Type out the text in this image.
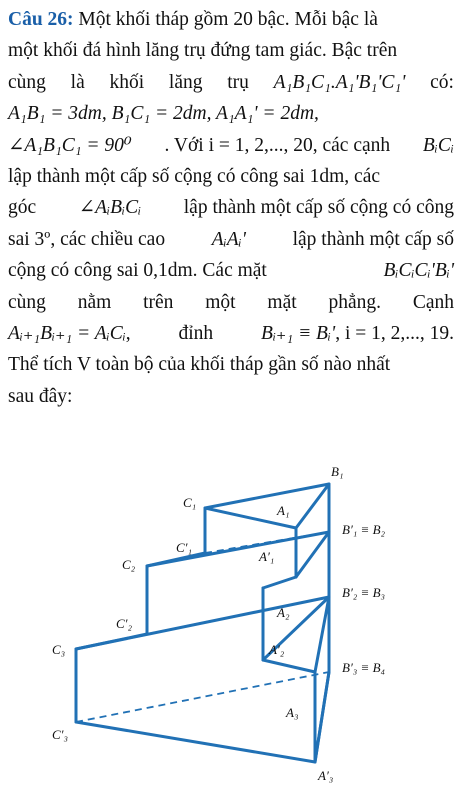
Câu 26: Một khối tháp gồm 20 bậc. Mỗi bậc là
một khối đá hình lăng trụ đứng tam giác. Bậc trên
cùng là khối lăng trụ A₁B₁C₁.A₁'B₁'C₁' có:
A₁B₁ = 3dm, B₁C₁ = 2dm, A₁A₁' = 2dm,
∠A₁B₁C₁ = 90⁰ . Với i = 1, 2,..., 20, các cạnh BᵢCᵢ
lập thành một cấp số cộng có công sai 1dm, các
góc ∠AᵢBᵢCᵢ lập thành một cấp số cộng có công
sai 3º, các chiều cao AᵢAᵢ' lập thành một cấp số
cộng có công sai 0,1dm. Các mặt	BᵢCᵢCᵢ'Bᵢ'
cùng nằm trên một mặt phẳng. Cạnh
Aᵢ₊₁Bᵢ₊₁ = AᵢCᵢ, đỉnh Bᵢ₊₁ ≡ Bᵢ', i = 1, 2,..., 19.
Thể tích V toàn bộ của khối tháp gần số nào nhất
sau đây:
B₁
C₁
A₁
C′₁
A′₁
B′₁ ≡ B₂
C₂
A₂
C′₂
A′₂
B′₂ ≡ B₃
C₃
B′₃ ≡ B₄
A₃
C′₃
A′₃
